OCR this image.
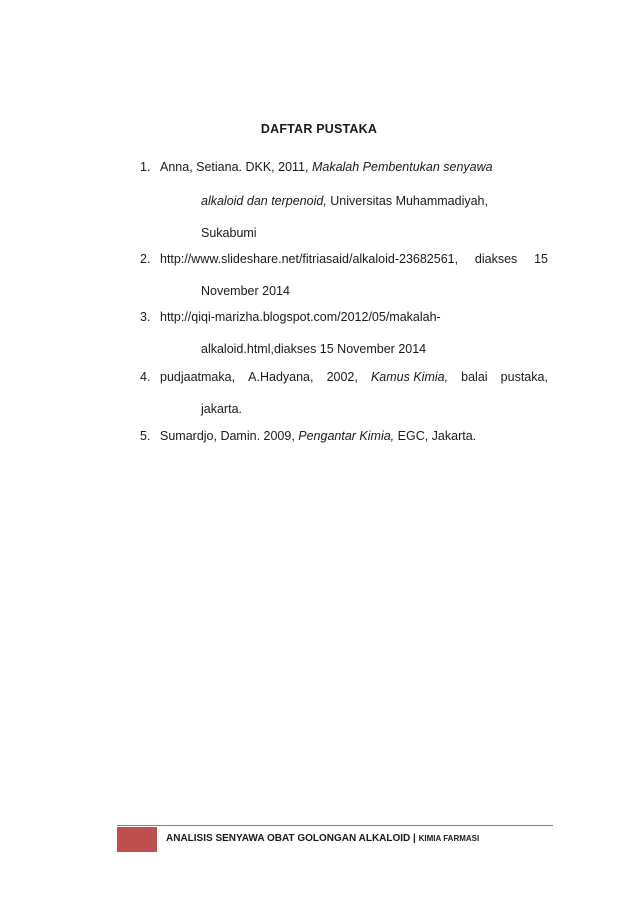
DAFTAR PUSTAKA
1. Anna, Setiana. DKK, 2011, Makalah Pembentukan senyawa
alkaloid dan terpenoid, Universitas Muhammadiyah,
Sukabumi
2. http://www.slideshare.net/fitriasaid/alkaloid-23682561, diakses 15
November 2014
3. http://qiqi-marizha.blogspot.com/2012/05/makalah-
alkaloid.html,diakses 15 November 2014
4. pudjaatmaka, A.Hadyana, 2002, Kamus Kimia, balai pustaka,
jakarta.
5. Sumardjo, Damin. 2009, Pengantar Kimia, EGC, Jakarta.
ANALISIS SENYAWA OBAT GOLONGAN ALKALOID | KIMIA FARMASI
